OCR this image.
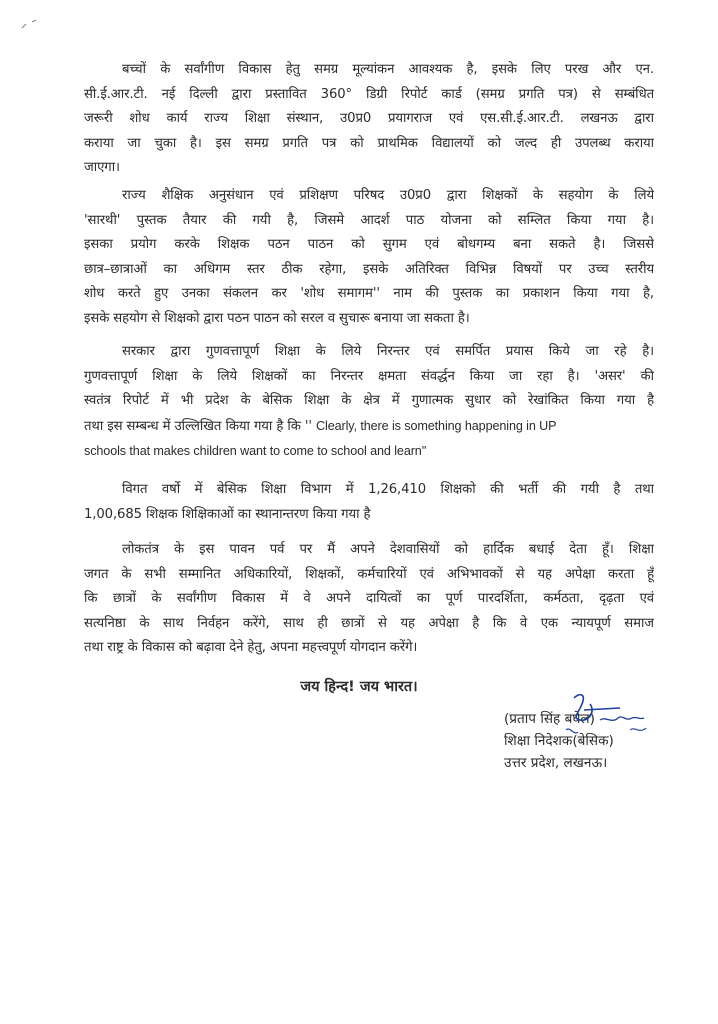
बच्चों के सर्वांगीण विकास हेतु समग्र मूल्यांकन आवश्यक है, इसके लिए परख और एन.
सी.ई.आर.टी. नई दिल्ली द्वारा प्रस्तावित 360° डिग्री रिपोर्ट कार्ड (समग्र प्रगति पत्र) से सम्बंधित
जरूरी शोध कार्य राज्य शिक्षा संस्थान, उ0प्र0 प्रयागराज एवं एस.सी.ई.आर.टी. लखनऊ द्वारा
कराया जा चुका है। इस समग्र प्रगति पत्र को प्राथमिक विद्यालयों को जल्द ही उपलब्ध कराया
जाएगा।
राज्य शैक्षिक अनुसंधान एवं प्रशिक्षण परिषद उ0प्र0 द्वारा शिक्षकों के सहयोग के लिये
'सारथी' पुस्तक तैयार की गयी है, जिसमे आदर्श पाठ योजना को सम्लित किया गया है।
इसका प्रयोग करके शिक्षक पठन पाठन को सुगम एवं बोधगम्य बना सकते है। जिससे
छात्र–छात्राओं का अधिगम स्तर ठीक रहेगा, इसके अतिरिक्त विभिन्न विषयों पर उच्च स्तरीय
शोध करते हुए उनका संकलन कर 'शोध समागम'' नाम की पुस्तक का प्रकाशन किया गया है,
इसके सहयोग से शिक्षको द्वारा पठन पाठन को सरल व सुचारू बनाया जा सकता है।
सरकार द्वारा गुणवत्तापूर्ण शिक्षा के लिये निरन्तर एवं समर्पित प्रयास किये जा रहे है।
गुणवत्तापूर्ण शिक्षा के लिये शिक्षकों का निरन्तर क्षमता संवर्द्धन किया जा रहा है। 'असर' की
स्वतंत्र रिपोर्ट में भी प्रदेश के बेसिक शिक्षा के क्षेत्र में गुणात्मक सुधार को रेखांकित किया गया है
तथा इस सम्बन्ध में उल्लिखित किया गया है कि '' Clearly, there is something happening in UP
schools that makes children want to come to school and learn''
विगत वर्षो में बेसिक शिक्षा विभाग में 1,26,410 शिक्षको की भर्ती की गयी है तथा
1,00,685 शिक्षक शिक्षिकाओं का स्थानान्तरण किया गया है
लोकतंत्र के इस पावन पर्व पर मैं अपने देशवासियों को हार्दिक बधाई देता हूँ। शिक्षा
जगत के सभी सम्मानित अधिकारियों, शिक्षकों, कर्मचारियों एवं अभिभावकों से यह अपेक्षा करता हूँ
कि छात्रों के सर्वांगीण विकास में वे अपने दायित्वों का पूर्ण पारदर्शिता, कर्मठता, दृढ़ता एवं
सत्यनिष्ठा के साथ निर्वहन करेंगे, साथ ही छात्रों से यह अपेक्षा है कि वे एक न्यायपूर्ण समाज
तथा राष्ट्र के विकास को बढ़ावा देने हेतु, अपना महत्त्वपूर्ण योगदान करेंगे।
जय हिन्द! जय भारत।
(प्रताप सिंह बघेल)
शिक्षा निदेशक(बेसिक)
उत्तर प्रदेश, लखनऊ।
